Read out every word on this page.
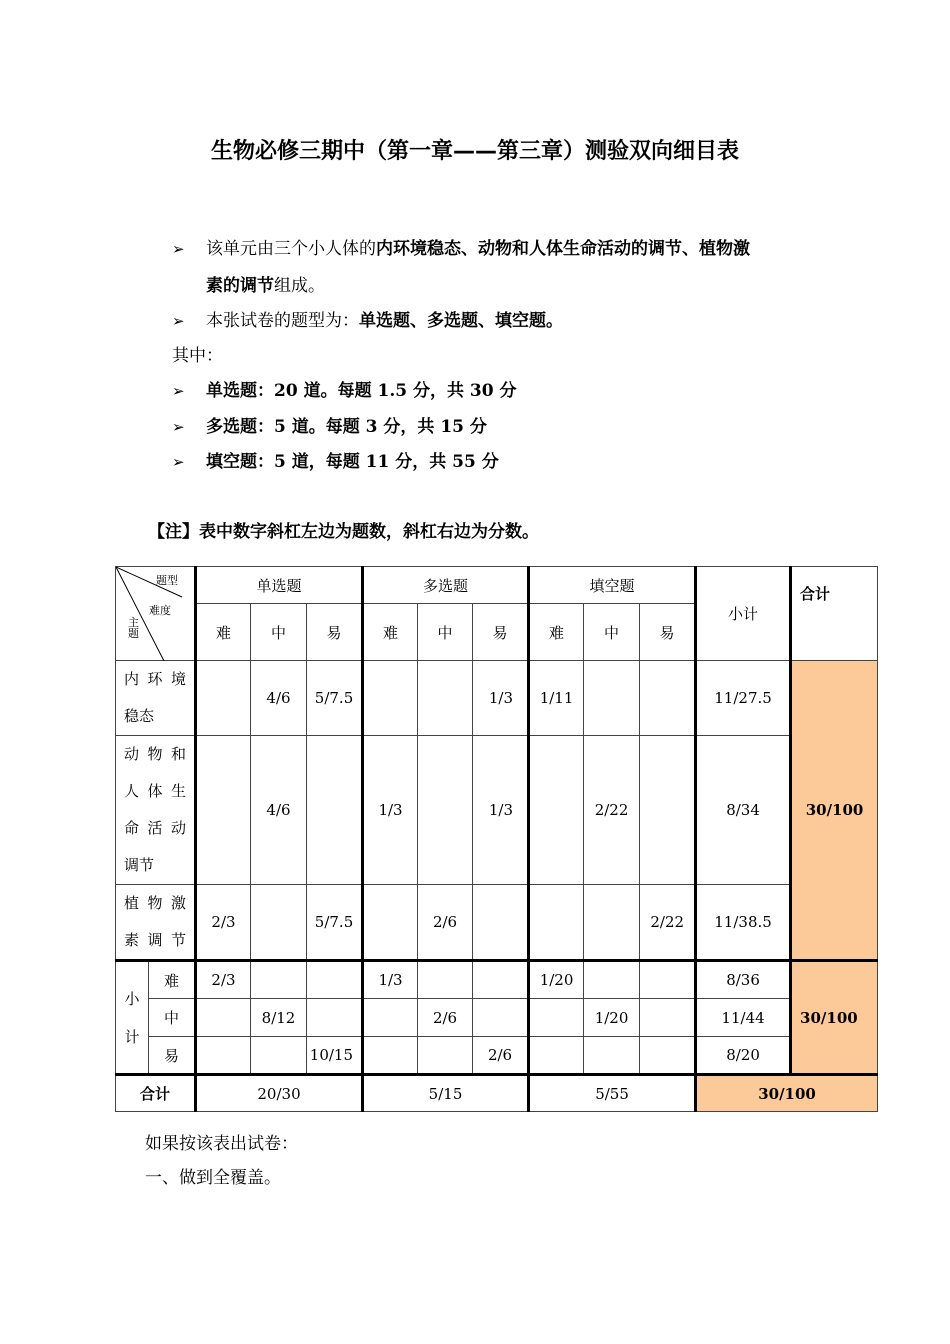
生物必修三期中（第一章——第三章）测验双向细目表
➢ 该单元由三个小人体的内环境稳态、动物和人体生命活动的调节、植物激
素的调节组成。
➢ 本张试卷的题型为：单选题、多选题、填空题。
其中：
➢ 单选题：20 道。每题 1.5 分，共 30 分
➢ 多选题：5 道。每题 3 分，共 15 分
➢ 填空题：5 道，每题 11 分，共 55 分
【注】表中数字斜杠左边为题数，斜杠右边为分数。
题型
难度
主题		单选题			多选题			填空题			小计	合计
		难	中	易	难	中	易	难	中	易		

内环境
稳态			4/6	5/7.5			1/3	1/11			11/27.5	30/100

动物和
人体生
命活动
调节			4/6		1/3		1/3		2/22		8/34	

植物激
素调节		2/3		5/7.5		2/6				2/22	11/38.5	

小
计	难	2/3			1/3			1/20			8/36	30/100
	中		8/12			2/6			1/20		11/44	
	易			10/15			2/6				8/20	
合计		20/30			5/15			5/55			30/100	
如果按该表出试卷：
一、做到全覆盖。
